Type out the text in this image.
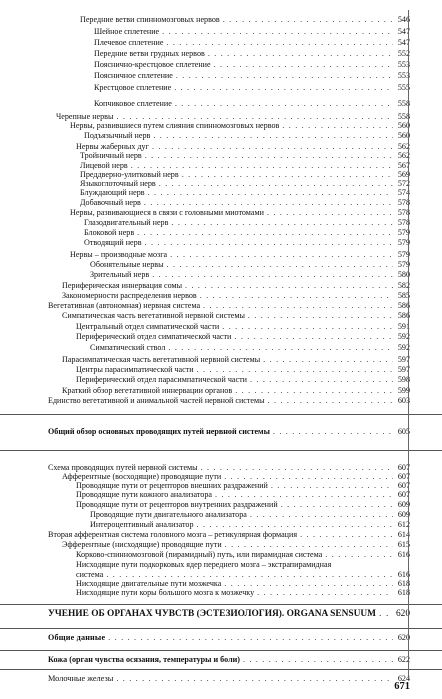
Передние ветви спинномозговых нервов . . .	546
Шейное сплетение . . .	547
Плечевое сплетение . . .	547
Передние ветви грудных нервов . . .	552
Пояснично-крестцовое сплетение . . .	553
Поясничное сплетение . . .	553
Крестцовое сплетение . . .	555
Копчиковое сплетение . . .	558
Черепные нервы . . .	558
Нервы, развившиеся путем слияния спинномозговых нервов . . .	560
Подъязычный нерв . . .	560
Нервы жаберных дуг . . .	562
Тройничный нерв . . .	562
Лицевой нерв . . .	567
Преддверно-улитковый нерв . . .	569
Языкоглоточный нерв . . .	572
Блуждающий нерв . . .	574
Добавочный нерв . . .	578
Нервы, развивающиеся в связи с головными миотомами . . .	578
Глазодвигательный нерв . . .	578
Блоковой нерв . . .	579
Отводящий нерв . . .	579
Нервы – производные мозга . . .	579
Обонятельные нервы . . .	579
Зрительный нерв . . .	580
Периферическая иннервация сомы . . .	582
Закономерности распределения нервов . . .	585
Вегетативная (автономная) нервная система . . .	586
Симпатическая часть вегетативной нервной системы . . .	586
Центральный отдел симпатической части . . .	591
Периферический отдел симпатической части . . .	592
Симпатический ствол . . .	592
Парасимпатическая часть вегетативной нервной системы . . .	597
Центры парасимпатической части . . .	597
Периферический отдел парасимпатической части . . .	598
Краткий обзор вегетативной иннервации органов . . .	599
Единство вегетативной и анимальной частей нервной системы . . .	603
Общий обзор основных проводящих путей нервной системы . . .	605
Схема проводящих путей нервной системы . . .	607
Афферентные (восходящие) проводящие пути . . .	607
Проводящие пути от рецепторов внешних раздражений . . .	607
Проводящие пути кожного анализатора . . .	607
Проводящие пути от рецепторов внутренних раздражений . . .	609
Проводящие пути двигательного анализатора . . .	609
Интероцептивный анализатор . . .	612
Вторая афферентная система головного мозга – ретикулярная формация . . .	614
Эфферентные (нисходящие) проводящие пути . . .	615
Корково-спинномозговой (пирамидный) путь, или пирамидная система . . .	616
Нисходящие пути подкорковых ядер переднего мозга – экстрапирамидная
система . . .	616
Нисходящие двигательные пути мозжечка . . .	618
Нисходящие пути коры большого мозга к мозжечку . . .	618
УЧЕНИЕ ОБ ОРГАНАХ ЧУВСТВ (ЭСТЕЗИОЛОГИЯ). ORGANA SENSUUM . . . 620
Общие данные . . .	620
Кожа (орган чувства осязания, температуры и боли) . . .	622
Молочные железы . . .	624
671
